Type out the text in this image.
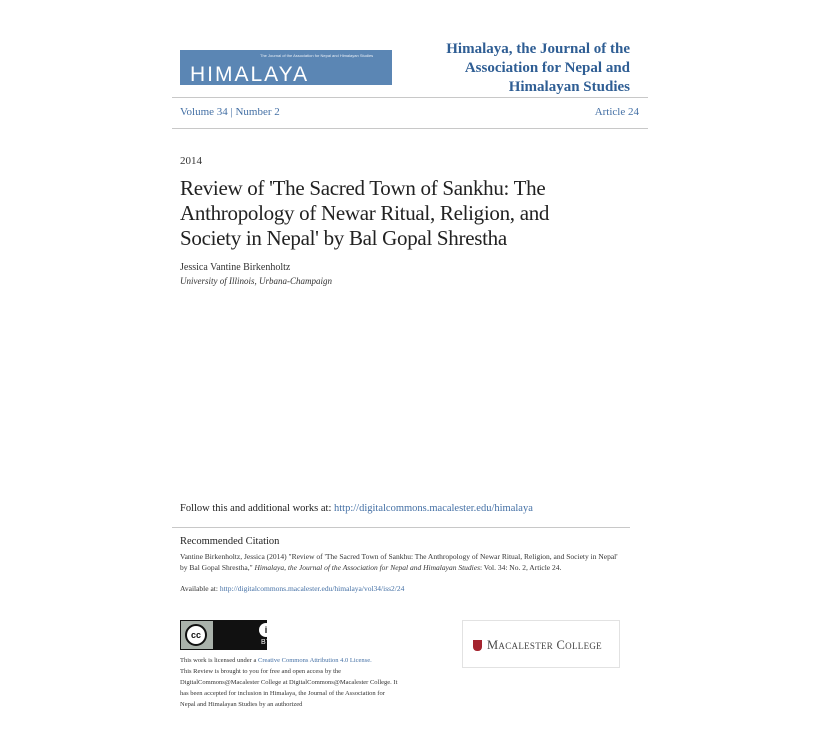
The Journal of the Association for Nepal and Himalayan Studies
HIMALAYA
Himalaya, the Journal of the
Association for Nepal and
Himalayan Studies
Volume 34 | Number 2	Article 24
2014
Review of 'The Sacred Town of Sankhu: The
Anthropology of Newar Ritual, Religion, and
Society in Nepal' by Bal Gopal Shrestha
Jessica Vantine Birkenholtz
University of Illinois, Urbana-Champaign
Follow this and additional works at: http://digitalcommons.macalester.edu/himalaya
Recommended Citation
Vantine Birkenholtz, Jessica (2014) "Review of 'The Sacred Town of Sankhu: The Anthropology of Newar Ritual, Religion, and Society in Nepal' by Bal Gopal Shrestha," Himalaya, the Journal of the Association for Nepal and Himalayan Studies: Vol. 34: No. 2, Article 24.
Available at: http://digitalcommons.macalester.edu/himalaya/vol34/iss2/24
cc	i
BY
This work is licensed under a Creative Commons Attribution 4.0 License.
This Review is brought to you for free and open access by the DigitalCommons@Macalester College at DigitalCommons@Macalester College. It has been accepted for inclusion in Himalaya, the Journal of the Association for Nepal and Himalayan Studies by an authorized
Macalester College
